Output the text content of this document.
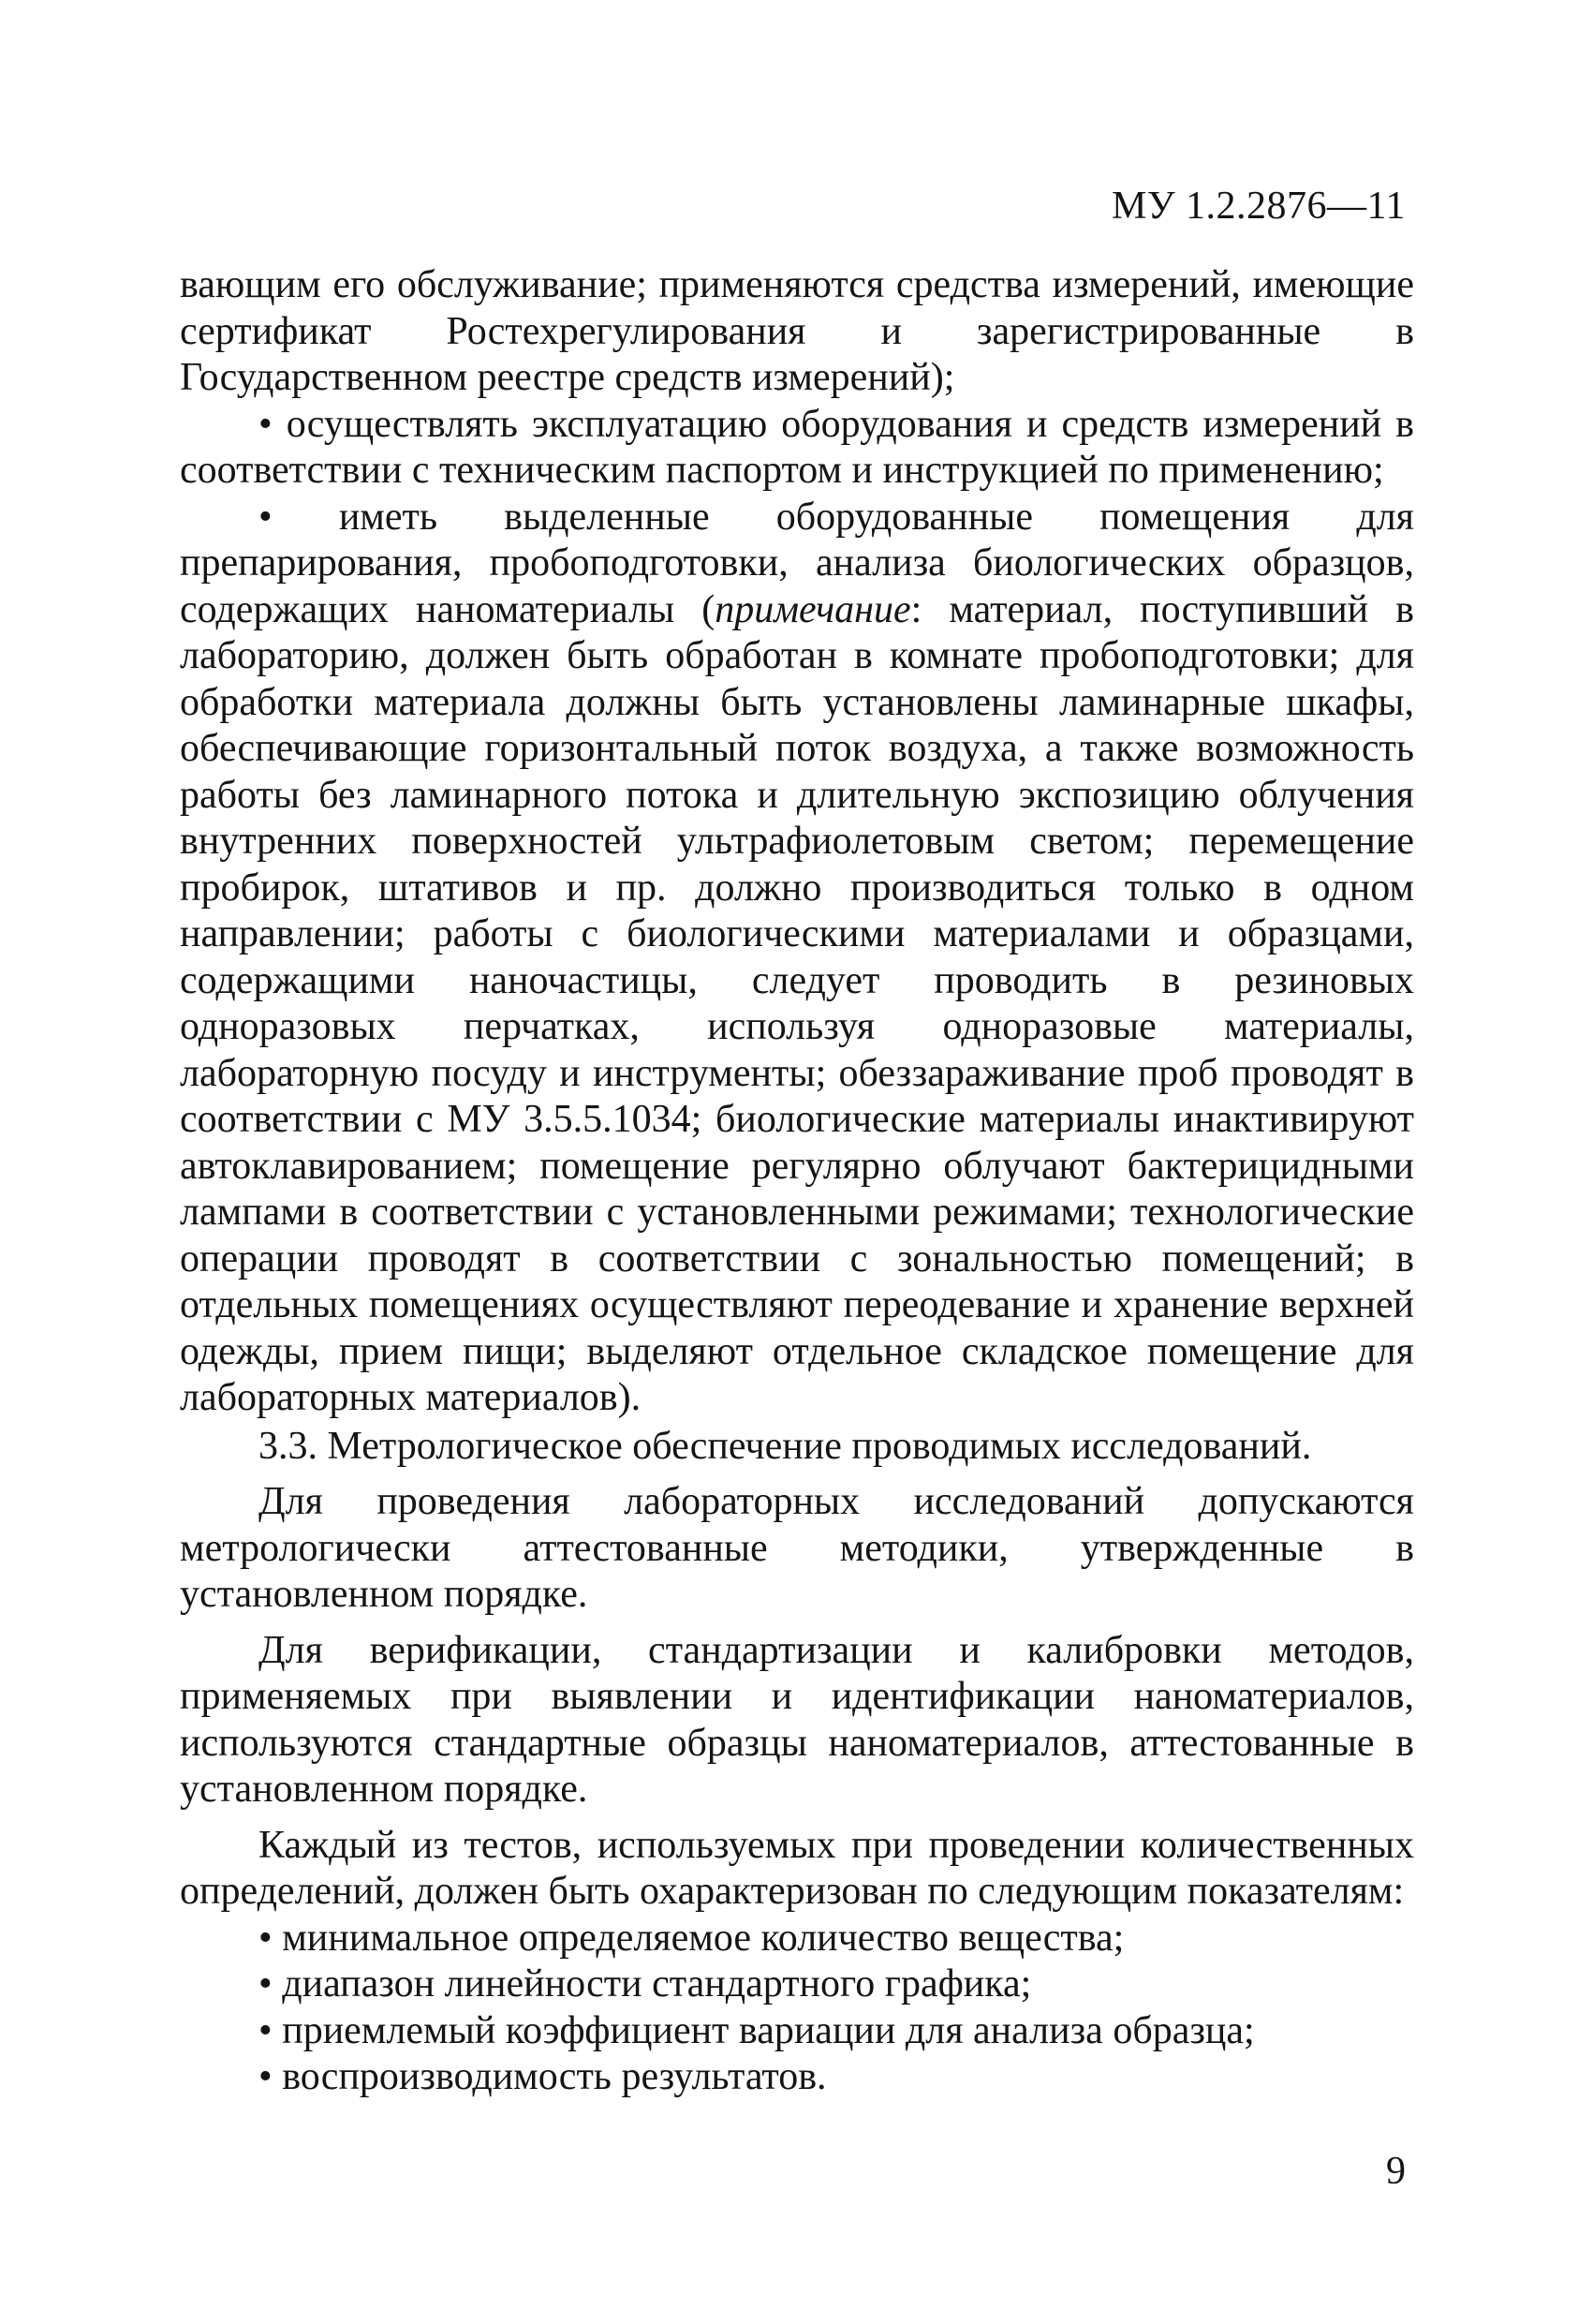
МУ 1.2.2876—11

вающим его обслуживание; применяются средства измерений, имеющие сертификат Ростехрегулирования и зарегистрированные в Государственном реестре средств измерений);

• осуществлять эксплуатацию оборудования и средств измерений в соответствии с техническим паспортом и инструкцией по применению;

• иметь выделенные оборудованные помещения для препарирования, пробоподготовки, анализа биологических образцов, содержащих наноматериалы (примечание: материал, поступивший в лабораторию, должен быть обработан в комнате пробоподготовки; для обработки материала должны быть установлены ламинарные шкафы, обеспечивающие горизонтальный поток воздуха, а также возможность работы без ламинарного потока и длительную экспозицию облучения внутренних поверхностей ультрафиолетовым светом; перемещение пробирок, штативов и пр. должно производиться только в одном направлении; работы с биологическими материалами и образцами, содержащими наночастицы, следует проводить в резиновых одноразовых перчатках, используя одноразовые материалы, лабораторную посуду и инструменты; обеззараживание проб проводят в соответствии с МУ 3.5.5.1034; биологические материалы инактивируют автоклавированием; помещение регулярно облучают бактерицидными лампами в соответствии с установленными режимами; технологические операции проводят в соответствии с зональностью помещений; в отдельных помещениях осуществляют переодевание и хранение верхней одежды, прием пищи; выделяют отдельное складское помещение для лабораторных материалов).

3.3. Метрологическое обеспечение проводимых исследований.

Для проведения лабораторных исследований допускаются метрологически аттестованные методики, утвержденные в установленном порядке.

Для верификации, стандартизации и калибровки методов, применяемых при выявлении и идентификации наноматериалов, используются стандартные образцы наноматериалов, аттестованные в установленном порядке.

Каждый из тестов, используемых при проведении количественных определений, должен быть охарактеризован по следующим показателям:

• минимальное определяемое количество вещества;

• диапазон линейности стандартного графика;

• приемлемый коэффициент вариации для анализа образца;

• воспроизводимость результатов.

9
